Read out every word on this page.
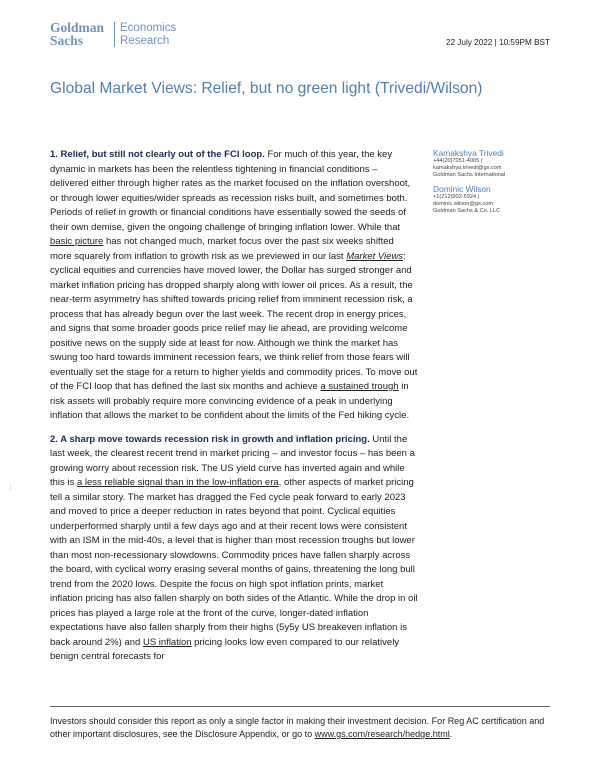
Goldman
Sachs
Economics
Research	22 July 2022 | 10:59PM BST
Global Market Views: Relief, but no green light (Trivedi/Wilson)

1. Relief, but still not clearly out of the FCI loop. For much of this year, the key dynamic in markets has been the relentless tightening in financial conditions – delivered either through higher rates as the market focused on the inflation overshoot, or through lower equities/wider spreads as recession risks built, and sometimes both. Periods of relief in growth or financial conditions have essentially sowed the seeds of their own demise, given the ongoing challenge of bringing inflation lower. While that basic picture has not changed much, market focus over the past six weeks shifted more squarely from inflation to growth risk as we previewed in our last Market Views: cyclical equities and currencies have moved lower, the Dollar has surged stronger and market inflation pricing has dropped sharply along with lower oil prices. As a result, the near-term asymmetry has shifted towards pricing relief from imminent recession risk, a process that has already begun over the last week. The recent drop in energy prices, and signs that some broader goods price relief may lie ahead, are providing welcome positive news on the supply side at least for now. Although we think the market has swung too hard towards imminent recession fears, we think relief from those fears will eventually set the stage for a return to higher yields and commodity prices. To move out of the FCI loop that has defined the last six months and achieve a sustained trough in risk assets will probably require more convincing evidence of a peak in underlying inflation that allows the market to be confident about the limits of the Fed hiking cycle.

2. A sharp move towards recession risk in growth and inflation pricing. Until the last week, the clearest recent trend in market pricing – and investor focus – has been a growing worry about recession risk. The US yield curve has inverted again and while this is a less reliable signal than in the low-inflation era, other aspects of market pricing tell a similar story. The market has dragged the Fed cycle peak forward to early 2023 and moved to price a deeper reduction in rates beyond that point. Cyclical equities underperformed sharply until a few days ago and at their recent lows were consistent with an ISM in the mid-40s, a level that is higher than most recession troughs but lower than most non-recessionary slowdowns. Commodity prices have fallen sharply across the board, with cyclical worry erasing several months of gains, threatening the long bull trend from the 2020 lows. Despite the focus on high spot inflation prints, market inflation pricing has also fallen sharply on both sides of the Atlantic. While the drop in oil prices has played a large role at the front of the curve, longer-dated inflation expectations have also fallen sharply from their highs (5y5y US breakeven inflation is back around 2%) and US inflation pricing looks low even compared to our relatively benign central forecasts for

Kamakshya Trivedi
+44(20)7051-4005 |
kamakshya.trivedi@gs.com
Goldman Sachs International
Dominic Wilson
+1(212)902-5924 |
dominic.wilson@gs.com
Goldman Sachs & Co. LLC
¦
Investors should consider this report as only a single factor in making their investment decision. For Reg AC certification and other important disclosures, see the Disclosure Appendix, or go to www.gs.com/research/hedge.html.
